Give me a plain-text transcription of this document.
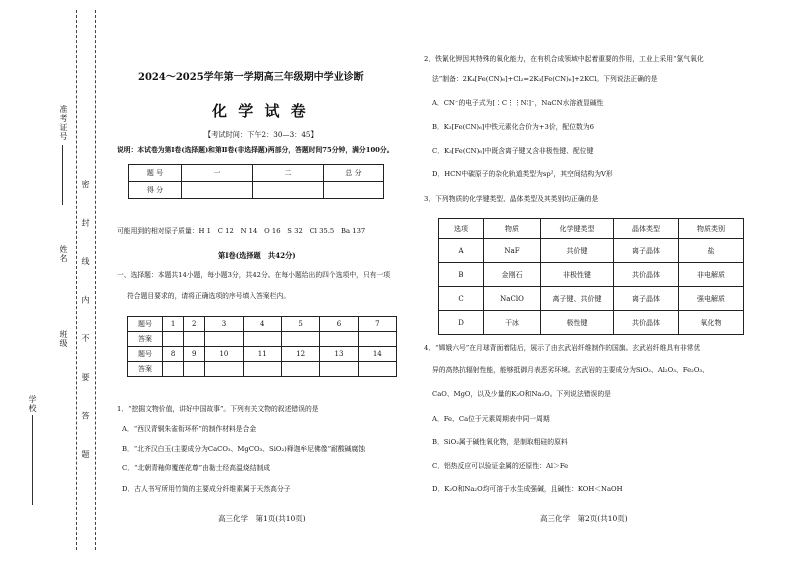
准考证号
姓名
班级
学校	密 封 线 内 不 要 答 题
2024～2025学年第一学期高三年级期中学业诊断
化 学 试 卷
【考试时间：下午2：30—3：45】
说明：本试卷为第Ⅰ卷(选择题)和第Ⅱ卷(非选择题)两部分，答题时间75分钟，满分100分。
题 号	一	二	总 分
得 分			
可能用到的相对原子质量：H 1　C 12　N 14　O 16　S 32　Cl 35.5　Ba 137
第Ⅰ卷(选择题　共42分)
一、选择题：本题共14小题，每小题3分，共42分。在每小题给出的四个选项中，只有一项
符合题目要求的，请将正确选项的序号填入答案栏内。
题号	1	2	3	4	5	6	7
答案							
题号	8	9	10	11	12	13	14
答案							
1．“挖掘文物价值，讲好中国故事”。下列有关文物的叙述错误的是
A．“西汉青铜朱雀衔环杯”的制作材料是合金
B．“北齐汉白玉(主要成分为CaCO₃、MgCO₃、SiO₂)释迦牟尼佛像”耐酸碱腐蚀
C．“北朝青釉仰覆莲花尊”由黏土经高温烧结制成
D．古人书写所用竹简的主要成分纤维素属于天然高分子
高三化学　第1页(共10页)
2．铁氰化钾因其特殊的氧化能力，在有机合成领域中起着重要的作用，工业上采用“氯气氧化
法”制备：2K₄[Fe(CN)₆]+Cl₂=2K₃[Fe(CN)₆]+2KCl。下列说法正确的是
A．CN⁻的电子式为[∶C⋮⋮N∶]⁻，NaCN水溶液显碱性
B．K₃[Fe(CN)₆]中铁元素化合价为+3价，配位数为6
C．K₃[Fe(CN)₆]中既含离子键又含非极性键、配位键
D．HCN中碳原子的杂化轨道类型为sp²，其空间结构为V形
3．下列物质的化学键类型、晶体类型及其类别均正确的是
选项	物质	化学键类型	晶体类型	物质类别
A	NaF	共价键	离子晶体	盐
B	金刚石	非极性键	共价晶体	非电解质
C	NaClO	离子键、共价键	离子晶体	强电解质
D	干冰	极性键	共价晶体	氧化物
4．“嫦娥六号”在月球背面着陆后，展示了由玄武岩纤维制作的国旗。玄武岩纤维具有非常优
异的高热抗辐射性能，能够抵御月表恶劣环境。玄武岩的主要成分为SiO₂、Al₂O₃、Fe₂O₃、
CaO、MgO，以及少量的K₂O和Na₂O。下列说法错误的是
A．Fe、Ca位于元素周期表中同一周期
B．SiO₂属于碱性氧化物，是制取粗硅的原料
C．铝热反应可以验证金属的还原性：Al＞Fe
D．K₂O和Na₂O均可溶于水生成强碱，且碱性：KOH＜NaOH
高三化学　第2页(共10页)
